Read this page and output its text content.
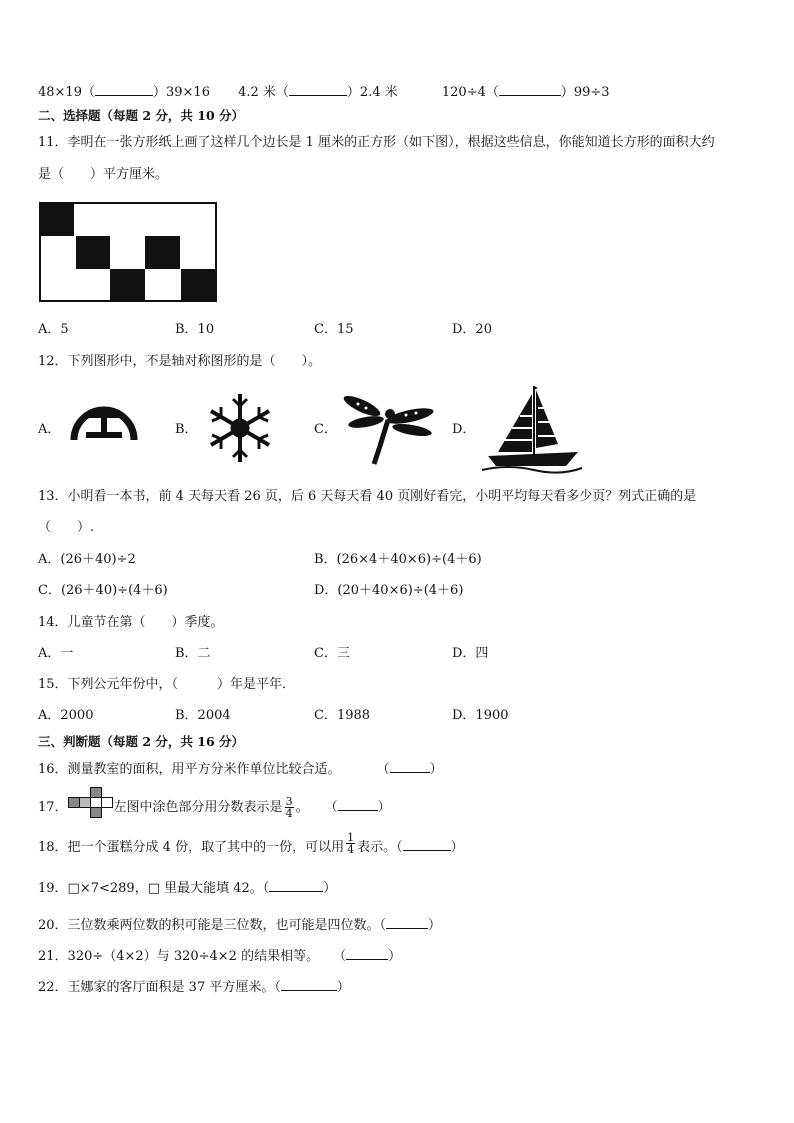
48×19（	）39×16 4.2 米（	）2.4 米	120÷4（	）99÷3
二、选择题（每题 2 分，共 10 分）
11．李明在一张方形纸上画了这样几个边长是 1 厘米的正方形（如下图），根据这些信息，你能知道长方形的面积大约
是（　　）平方厘米。
A．5	B．10	C．15	D．20
12．下列图形中，不是轴对称图形的是（　　）。
A．	B．	C．	D．
13．小明看一本书，前 4 天每天看 26 页，后 6 天每天看 40 页刚好看完，小明平均每天看多少页？列式正确的是
（　　）.
A．(26＋40)÷2	B．(26×4＋40×6)÷(4＋6)
C．(26＋40)÷(4＋6)	D．(20＋40×6)÷(4＋6)
14．儿童节在第（　　）季度。
A．一	B．二	C．三	D．四
15．下列公元年份中，（　　　）年是平年．
A．2000	B．2004	C．1988	D．1900
三、判断题（每题 2 分，共 16 分）
16．测量教室的面积，用平方分米作单位比较合适。	（	）
17．	左图中涂色部分用分数表示是 $\frac{3}{4}$ 。 （	）
18．把一个蛋糕分成 4 份，取了其中的一份，可以用 $\frac{1}{4}$ 表示。（	）
19．□×7<289，□ 里最大能填 42。（	）
20．三位数乘两位数的积可能是三位数，也可能是四位数。（	）
21．320÷（4×2）与 320÷4×2 的结果相等。 （	）
22．王娜家的客厅面积是 37 平方厘米。（	）
